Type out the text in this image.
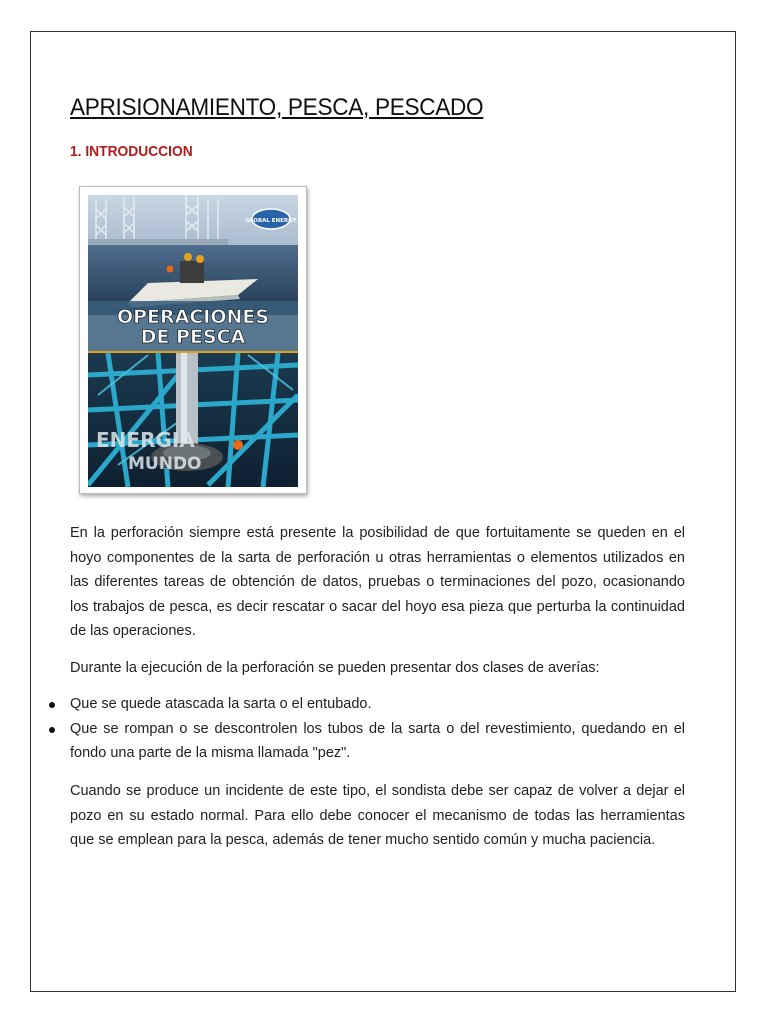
APRISIONAMIENTO, PESCA, PESCADO
1. INTRODUCCION
GLOBAL ENERGY
OPERACIONES
DE PESCA
ENERGIA
MUNDO

En la perforación siempre está presente la posibilidad de que fortuitamente se queden en el hoyo componentes de la sarta de perforación u otras herramientas o elementos utilizados en las diferentes tareas de obtención de datos, pruebas o terminaciones del pozo, ocasionando los trabajos de pesca, es decir rescatar o sacar del hoyo esa pieza que perturba la continuidad de las operaciones.

Durante la ejecución de la perforación se pueden presentar dos clases de averías:

Que se quede atascada la sarta o el entubado.
Que se rompan o se descontrolen los tubos de la sarta o del revestimiento, quedando en el fondo una parte de la misma llamada "pez".

Cuando se produce un incidente de este tipo, el sondista debe ser capaz de volver a dejar el pozo en su estado normal. Para ello debe conocer el mecanismo de todas las herramientas que se emplean para la pesca, además de tener mucho sentido común y mucha paciencia.
